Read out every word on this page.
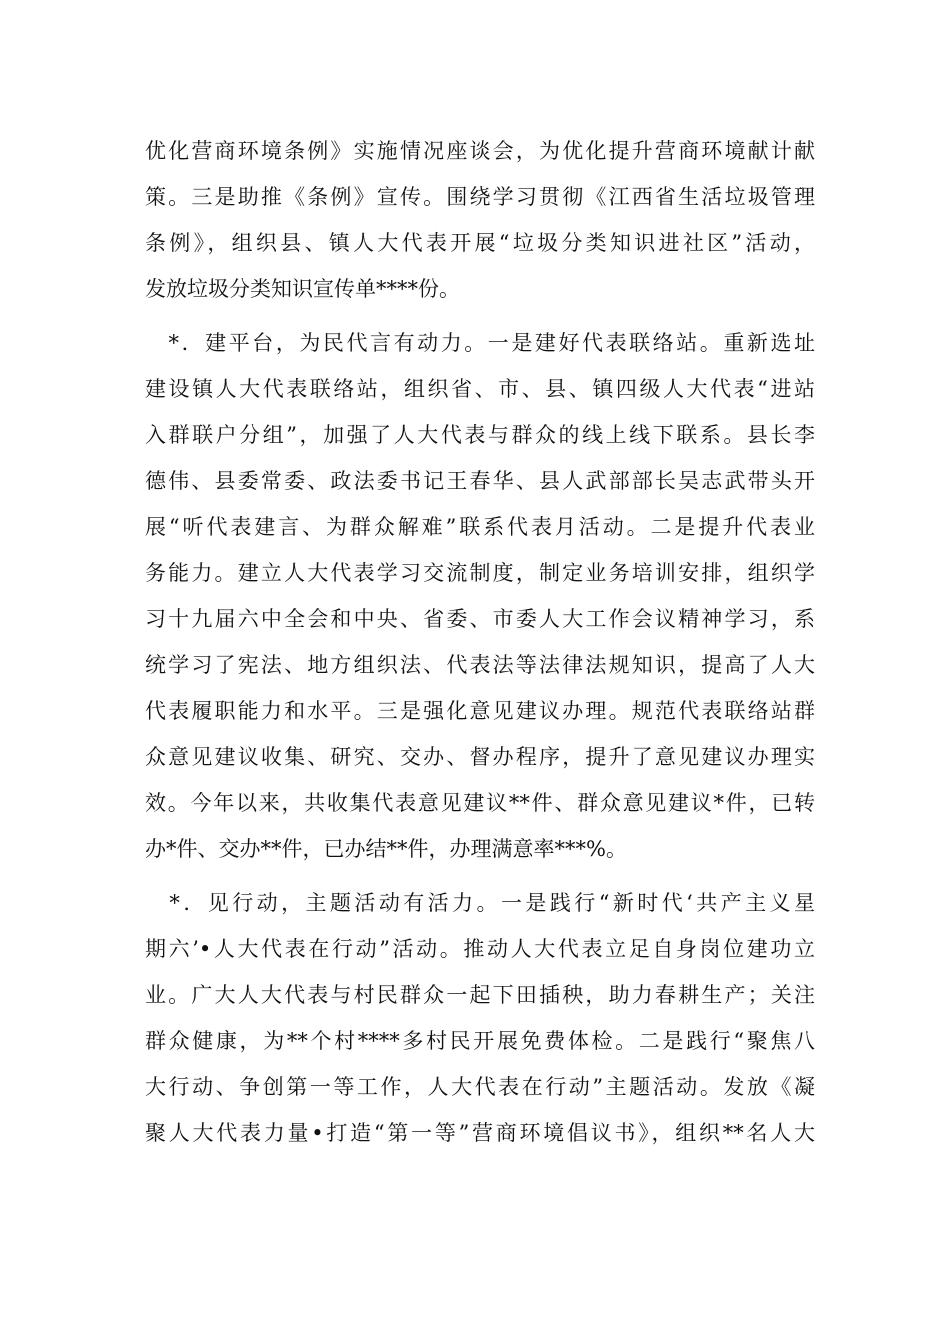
优化营商环境条例》实施情况座谈会，为优化提升营商环境献计献
策。三是助推《条例》宣传。围绕学习贯彻《江西省生活垃圾管理
条例》，组织县、镇人大代表开展“垃圾分类知识进社区”活动，
发放垃圾分类知识宣传单****份。
　*．建平台，为民代言有动力。一是建好代表联络站。重新选址
建设镇人大代表联络站，组织省、市、县、镇四级人大代表“进站
入群联户分组”，加强了人大代表与群众的线上线下联系。县长李
德伟、县委常委、政法委书记王春华、县人武部部长吴志武带头开
展“听代表建言、为群众解难”联系代表月活动。二是提升代表业
务能力。建立人大代表学习交流制度，制定业务培训安排，组织学
习十九届六中全会和中央、省委、市委人大工作会议精神学习，系
统学习了宪法、地方组织法、代表法等法律法规知识，提高了人大
代表履职能力和水平。三是强化意见建议办理。规范代表联络站群
众意见建议收集、研究、交办、督办程序，提升了意见建议办理实
效。今年以来，共收集代表意见建议**件、群众意见建议*件，已转
办*件、交办**件，已办结**件，办理满意率***%。
　*．见行动，主题活动有活力。一是践行“新时代‘共产主义星
期六’•人大代表在行动”活动。推动人大代表立足自身岗位建功立
业。广大人大代表与村民群众一起下田插秧，助力春耕生产；关注
群众健康，为**个村****多村民开展免费体检。二是践行“聚焦八
大行动、争创第一等工作，人大代表在行动”主题活动。发放《凝
聚人大代表力量•打造“第一等”营商环境倡议书》，组织**名人大
